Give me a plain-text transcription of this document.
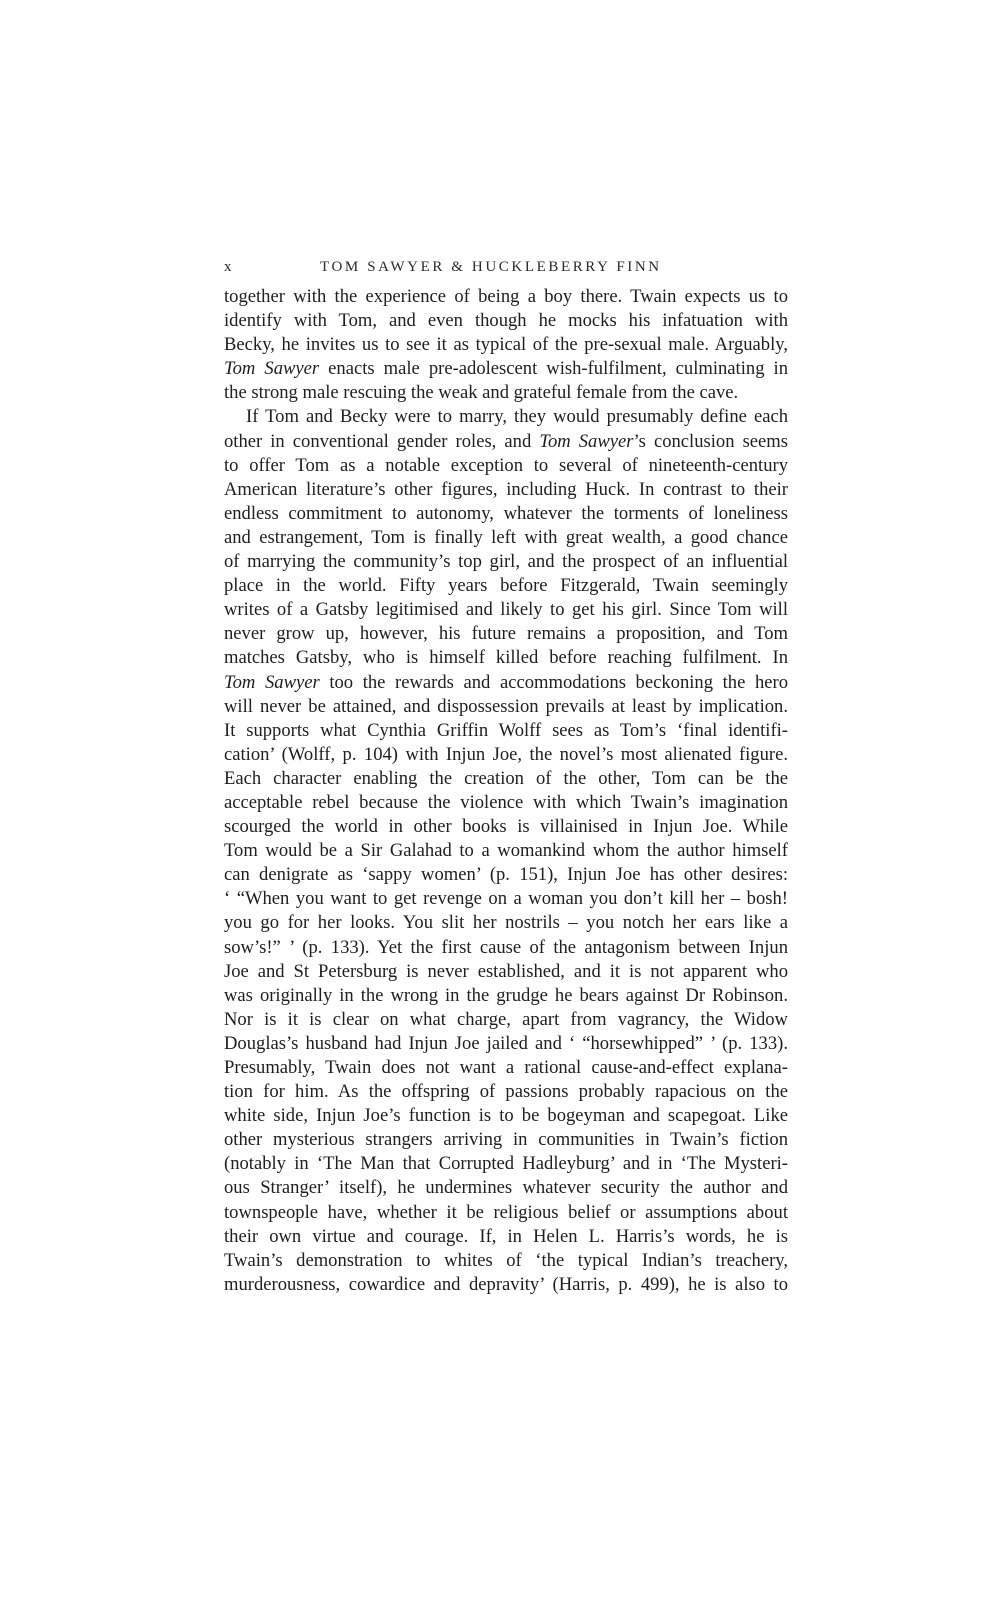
x	TOM SAWYER & HUCKLEBERRY FINN
together with the experience of being a boy there. Twain expects us to
identify with Tom, and even though he mocks his infatuation with
Becky, he invites us to see it as typical of the pre-sexual male. Arguably,
Tom Sawyer enacts male pre-adolescent wish-fulfilment, culminating in
the strong male rescuing the weak and grateful female from the cave.
If Tom and Becky were to marry, they would presumably define each
other in conventional gender roles, and Tom Sawyer’s conclusion seems
to offer Tom as a notable exception to several of nineteenth-century
American literature’s other figures, including Huck. In contrast to their
endless commitment to autonomy, whatever the torments of loneliness
and estrangement, Tom is finally left with great wealth, a good chance
of marrying the community’s top girl, and the prospect of an influential
place in the world. Fifty years before Fitzgerald, Twain seemingly
writes of a Gatsby legitimised and likely to get his girl. Since Tom will
never grow up, however, his future remains a proposition, and Tom
matches Gatsby, who is himself killed before reaching fulfilment. In
Tom Sawyer too the rewards and accommodations beckoning the hero
will never be attained, and dispossession prevails at least by implication.
It supports what Cynthia Griffin Wolff sees as Tom’s ‘final identifi-
cation’ (Wolff, p. 104) with Injun Joe, the novel’s most alienated figure.
Each character enabling the creation of the other, Tom can be the
acceptable rebel because the violence with which Twain’s imagination
scourged the world in other books is villainised in Injun Joe. While
Tom would be a Sir Galahad to a womankind whom the author himself
can denigrate as ‘sappy women’ (p. 151), Injun Joe has other desires:
‘ “When you want to get revenge on a woman you don’t kill her – bosh!
you go for her looks. You slit her nostrils – you notch her ears like a
sow’s!” ’ (p. 133). Yet the first cause of the antagonism between Injun
Joe and St Petersburg is never established, and it is not apparent who
was originally in the wrong in the grudge he bears against Dr Robinson.
Nor is it is clear on what charge, apart from vagrancy, the Widow
Douglas’s husband had Injun Joe jailed and ‘ “horsewhipped” ’ (p. 133).
Presumably, Twain does not want a rational cause-and-effect explana-
tion for him. As the offspring of passions probably rapacious on the
white side, Injun Joe’s function is to be bogeyman and scapegoat. Like
other mysterious strangers arriving in communities in Twain’s fiction
(notably in ‘The Man that Corrupted Hadleyburg’ and in ‘The Mysteri-
ous Stranger’ itself), he undermines whatever security the author and
townspeople have, whether it be religious belief or assumptions about
their own virtue and courage. If, in Helen L. Harris’s words, he is
Twain’s demonstration to whites of ‘the typical Indian’s treachery,
murderousness, cowardice and depravity’ (Harris, p. 499), he is also to
